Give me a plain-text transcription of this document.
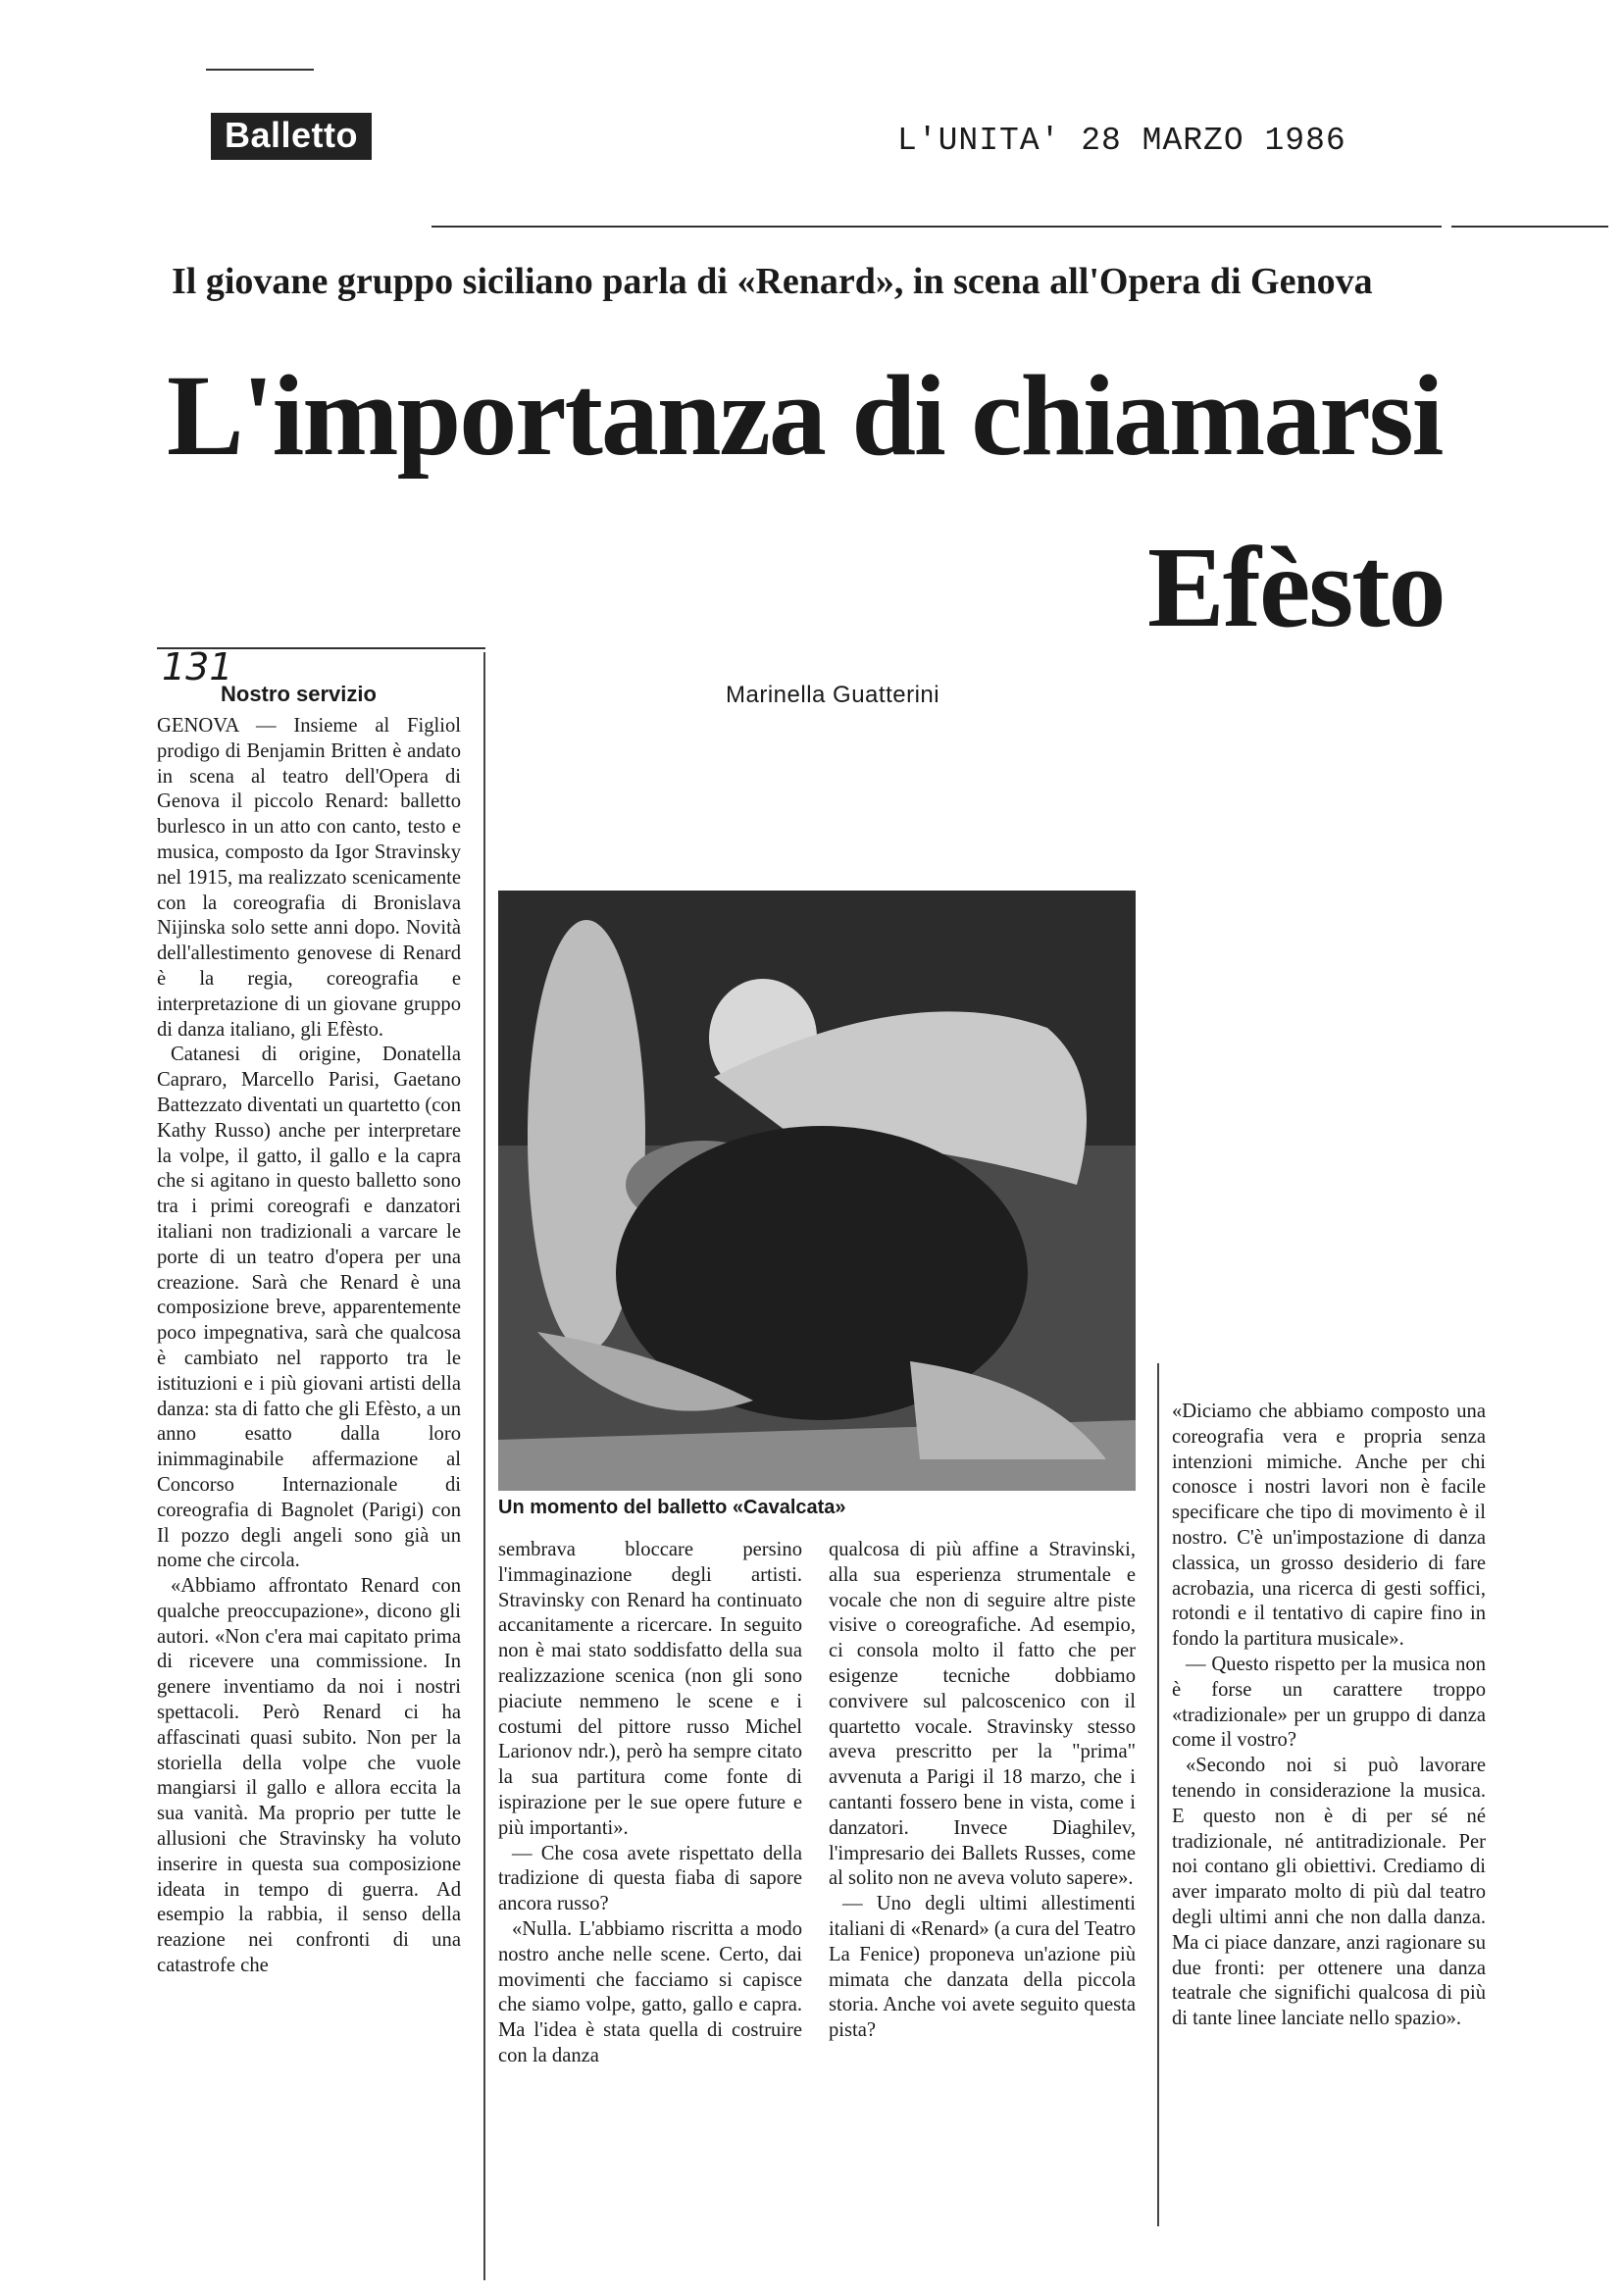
Balletto	L'UNITA' 28 MARZO 1986
Il giovane gruppo siciliano parla di «Renard», in scena all'Opera di Genova
L'importanza di chiamarsi
Efèsto
131
Nostro servizio	Marinella Guatterini

GENOVA — Insieme al Figliol prodigo di Benjamin Britten è andato in scena al teatro dell'Opera di Genova il piccolo Renard: balletto burlesco in un atto con canto, testo e musica, composto da Igor Stravinsky nel 1915, ma realizzato scenicamente con la coreografia di Bronislava Nijinska solo sette anni dopo. Novità dell'allestimento genovese di Renard è la regia, coreografia e interpretazione di un giovane gruppo di danza italiano, gli Efèsto.

Catanesi di origine, Donatella Capraro, Marcello Parisi, Gaetano Battezzato diventati un quartetto (con Kathy Russo) anche per interpretare la volpe, il gatto, il gallo e la capra che si agitano in questo balletto sono tra i primi coreografi e danzatori italiani non tradizionali a varcare le porte di un teatro d'opera per una creazione. Sarà che Renard è una composizione breve, apparentemente poco impegnativa, sarà che qualcosa è cambiato nel rapporto tra le istituzioni e i più giovani artisti della danza: sta di fatto che gli Efèsto, a un anno esatto dalla loro inimmaginabile affermazione al Concorso Internazionale di coreografia di Bagnolet (Parigi) con Il pozzo degli angeli sono già un nome che circola.

«Abbiamo affrontato Renard con qualche preoccupazione», dicono gli autori. «Non c'era mai capitato prima di ricevere una commissione. In genere inventiamo da noi i nostri spettacoli. Però Renard ci ha affascinati quasi subito. Non per la storiella della volpe che vuole mangiarsi il gallo e allora eccita la sua vanità. Ma proprio per tutte le allusioni che Stravinsky ha voluto inserire in questa sua composizione ideata in tempo di guerra. Ad esempio la rabbia, il senso della reazione nei confronti di una catastrofe che

Un momento del balletto «Cavalcata»

sembrava bloccare persino l'immaginazione degli artisti. Stravinsky con Renard ha continuato accanitamente a ricercare. In seguito non è mai stato soddisfatto della sua realizzazione scenica (non gli sono piaciute nemmeno le scene e i costumi del pittore russo Michel Larionov ndr.), però ha sempre citato la sua partitura come fonte di ispirazione per le sue opere future e più importanti».

— Che cosa avete rispettato della tradizione di questa fiaba di sapore ancora russo?

«Nulla. L'abbiamo riscritta a modo nostro anche nelle scene. Certo, dai movimenti che facciamo si capisce che siamo volpe, gatto, gallo e capra. Ma l'idea è stata quella di costruire con la danza

qualcosa di più affine a Stravinski, alla sua esperienza strumentale e vocale che non di seguire altre piste visive o coreografiche. Ad esempio, ci consola molto il fatto che per esigenze tecniche dobbiamo convivere sul palcoscenico con il quartetto vocale. Stravinsky stesso aveva prescritto per la "prima" avvenuta a Parigi il 18 marzo, che i cantanti fossero bene in vista, come i danzatori. Invece Diaghilev, l'impresario dei Ballets Russes, come al solito non ne aveva voluto sapere».

— Uno degli ultimi allestimenti italiani di «Renard» (a cura del Teatro La Fenice) proponeva un'azione più mimata che danzata della piccola storia. Anche voi avete seguito questa pista?

«Diciamo che abbiamo composto una coreografia vera e propria senza intenzioni mimiche. Anche per chi conosce i nostri lavori non è facile specificare che tipo di movimento è il nostro. C'è un'impostazione di danza classica, un grosso desiderio di fare acrobazia, una ricerca di gesti soffici, rotondi e il tentativo di capire fino in fondo la partitura musicale».

— Questo rispetto per la musica non è forse un carattere troppo «tradizionale» per un gruppo di danza come il vostro?

«Secondo noi si può lavorare tenendo in considerazione la musica. E questo non è di per sé né tradizionale, né antitradizionale. Per noi contano gli obiettivi. Crediamo di aver imparato molto di più dal teatro degli ultimi anni che non dalla danza. Ma ci piace danzare, anzi ragionare su due fronti: per ottenere una danza teatrale che significhi qualcosa di più di tante linee lanciate nello spazio».
